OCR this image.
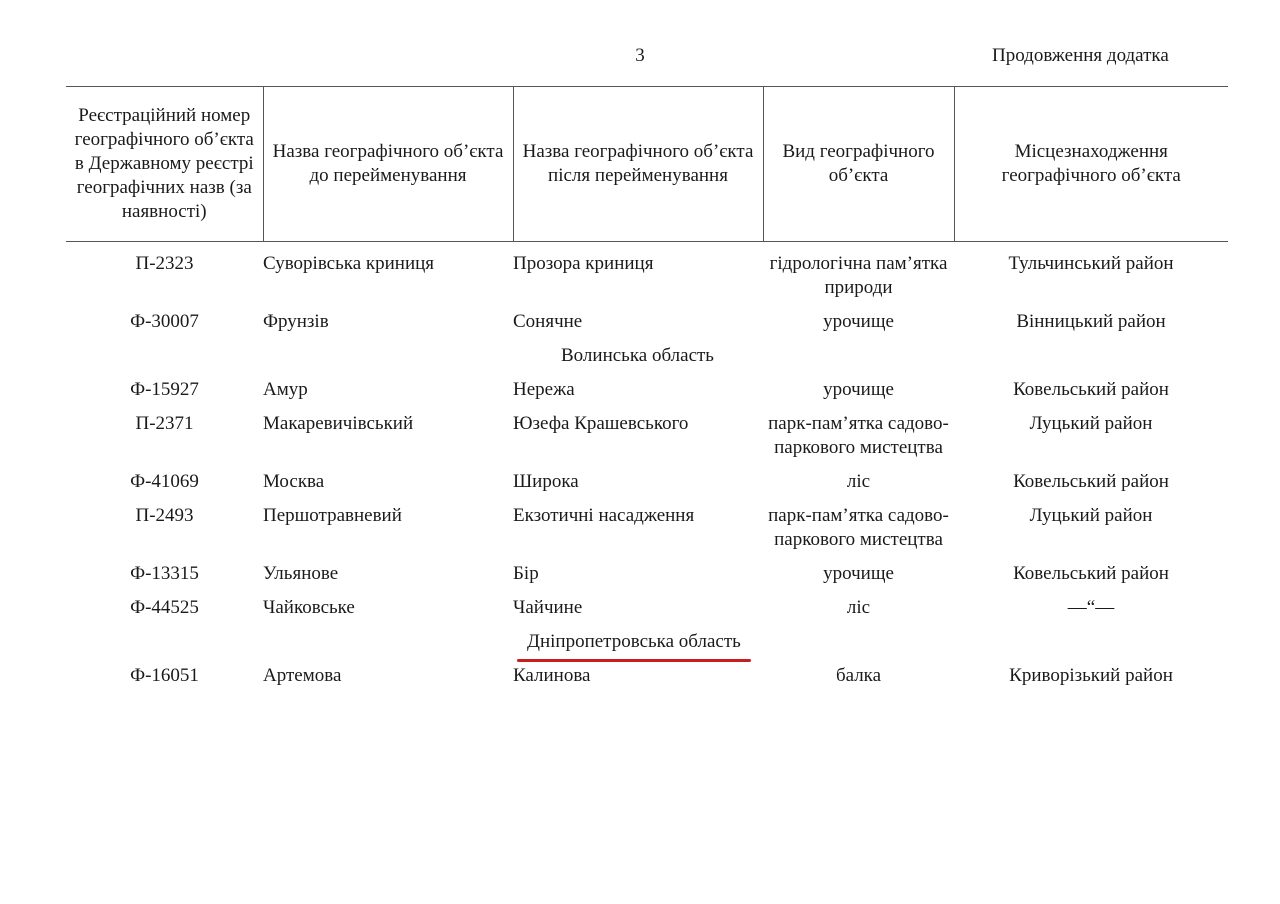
3	Продовження додатка
Реєстраційний номер географічного об’єкта в Державному реєстрі географічних назв (за наявності)	Назва географічного об’єкта до перейменування	Назва географічного об’єкта після перейменування	Вид географічного об’єкта	Місцезнаходження географічного об’єкта
П-2323	Суворівська криниця	Прозора криниця	гідрологічна пам’ятка природи	Тульчинський район
Ф-30007	Фрунзів	Сонячне	урочище	Вінницький район
		Волинська область		
Ф-15927	Амур	Нережа	урочище	Ковельський район
П-2371	Макаревичівський	Юзефа Крашевського	парк-пам’ятка садово-паркового мистецтва	Луцький район
Ф-41069	Москва	Широка	ліс	Ковельський район
П-2493	Першотравневий	Екзотичні насадження	парк-пам’ятка садово-паркового мистецтва	Луцький район
Ф-13315	Ульянове	Бір	урочище	Ковельський район
Ф-44525	Чайковське	Чайчине	ліс	—“—
		Дніпропетровська область	

Ф-16051	Артемова	Калинова	балка	Криворізький район
